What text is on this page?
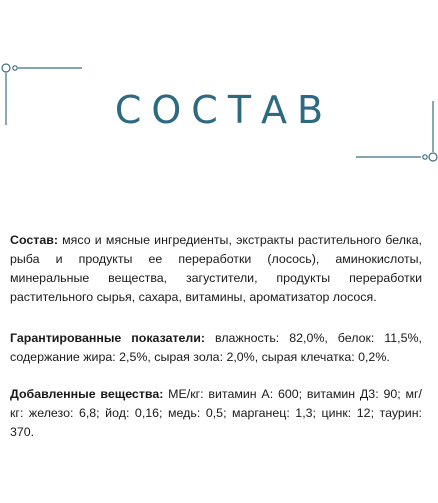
СОСТАВ
Состав: мясо и мясные ингредиенты, экстракты растительного белка, рыба и продукты ее переработки (лосось), аминокислоты, минеральные вещества, загустители, продукты переработки растительного сырья, сахара, витамины, ароматизатор лосося.
Гарантированные показатели: влажность: 82,0%, белок: 11,5%, содержание жира: 2,5%, сырая зола: 2,0%, сырая клечатка: 0,2%.
Добавленные вещества: МЕ/кг: витамин А: 600; витамин Д3: 90; мг/кг: железо: 6,8; йод: 0,16; медь: 0,5; марганец: 1,3; цинк: 12; таурин: 370.
